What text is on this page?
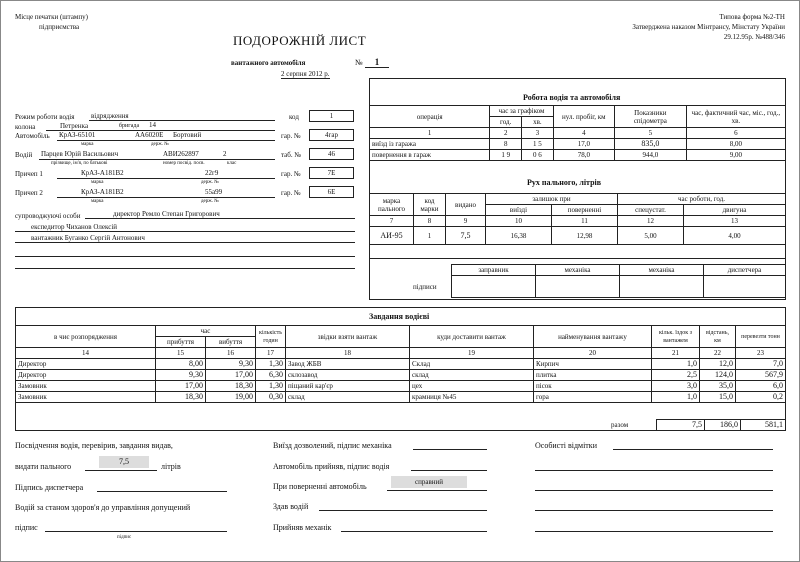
Місце печатки (штампу)
підприємства
Типова форма №2-ТН
Затверджена наказом Мінтрансу, Мінстату України
29.12.95р. №488/346
ПОДОРОЖНІЙ ЛИСТ
вантажного автомобіля	№	1
2 серпня 2012 р.
Режим роботи водія відрядження	код	1
колона	Петренка	бригада 14
Автомобіль КрАЗ-65101	АА6020Е Бортовий
марка	держ. №
гар. №	4гар
Водій Парцев Юрій Васильович	АВИ262897	2
прізвище, ім'я, по батькові	номер посвід. посв.	клас
таб. №	46
Причеп 1	КрАЗ-А181В2	22г9
марка	держ. №
гар. №	7Е
Причеп 2	КрАЗ-А181В2	55а99
марка	держ. №
гар. №	6Е
супроводжуючі особи	директор Ремло Степан Григорович
експедитор Чиханов Олексій
вантажник Буганко Сергій Антонович
Робота водія та автомобіля
операція	час за графіком		нул. пробіг, км	Показники спідометра	час, фактичний час, міс., год., хв.
	год.	хв.			
1	2	3	4	5	6
виїзд із гаража	8	1 5	17,0	835,0	8,00
повернення в гараж	1 9	0 6	78,0	944,0	9,00
Рух пального, літрів
марка пального	код марки	видано	залишок при		час роботи, год.	
			виїзді	поверненні	спецустат.	двигуна
7	8	9	10	11	12	13
АИ-95	1	7,5	16,38	12,98	5,00	4,00

заправник	механіка	механіка	диспетчера

підписи
Завдання водієві
в чиє розпорядження	час		кількість годин	звідки взяти вантаж	куди доставити вантаж	найменування вантажу	кільк. їздок з вантажем	відстань, км	перевезти тонн
	прибуття	вибуття							
14	15	16	17	18	19	20	21	22	23
Директор	8,00	9,30	1,30	Завод ЖБВ	Склад	Кирпич	1,0	12,0	7,0
Директор	9,30	17,00	6,30	склозавод	склад	плитка	2,5	124,0	567,9
Замовник	17,00	18,30	1,30	піщаний кар'єр	цех	пісок	3,0	35,0	6,0
Замовник	18,30	19,00	0,30	склад	крамниця №45	гора	1,0	15,0	0,2
7,5	186,0	581,1
разом
Посвідчення водія, перевірив, завдання видав,
видати пального
7,5
літрів
Підпись диспетчера
Водій за станом здоров'я до управління допущений
підпис
підпис
Виїзд дозволений, підпис механіка
Автомобіль прийняв, підпис водія
При поверненні автомобіль	справний
Здав водій
Прийняв механік
Особисті відмітки
